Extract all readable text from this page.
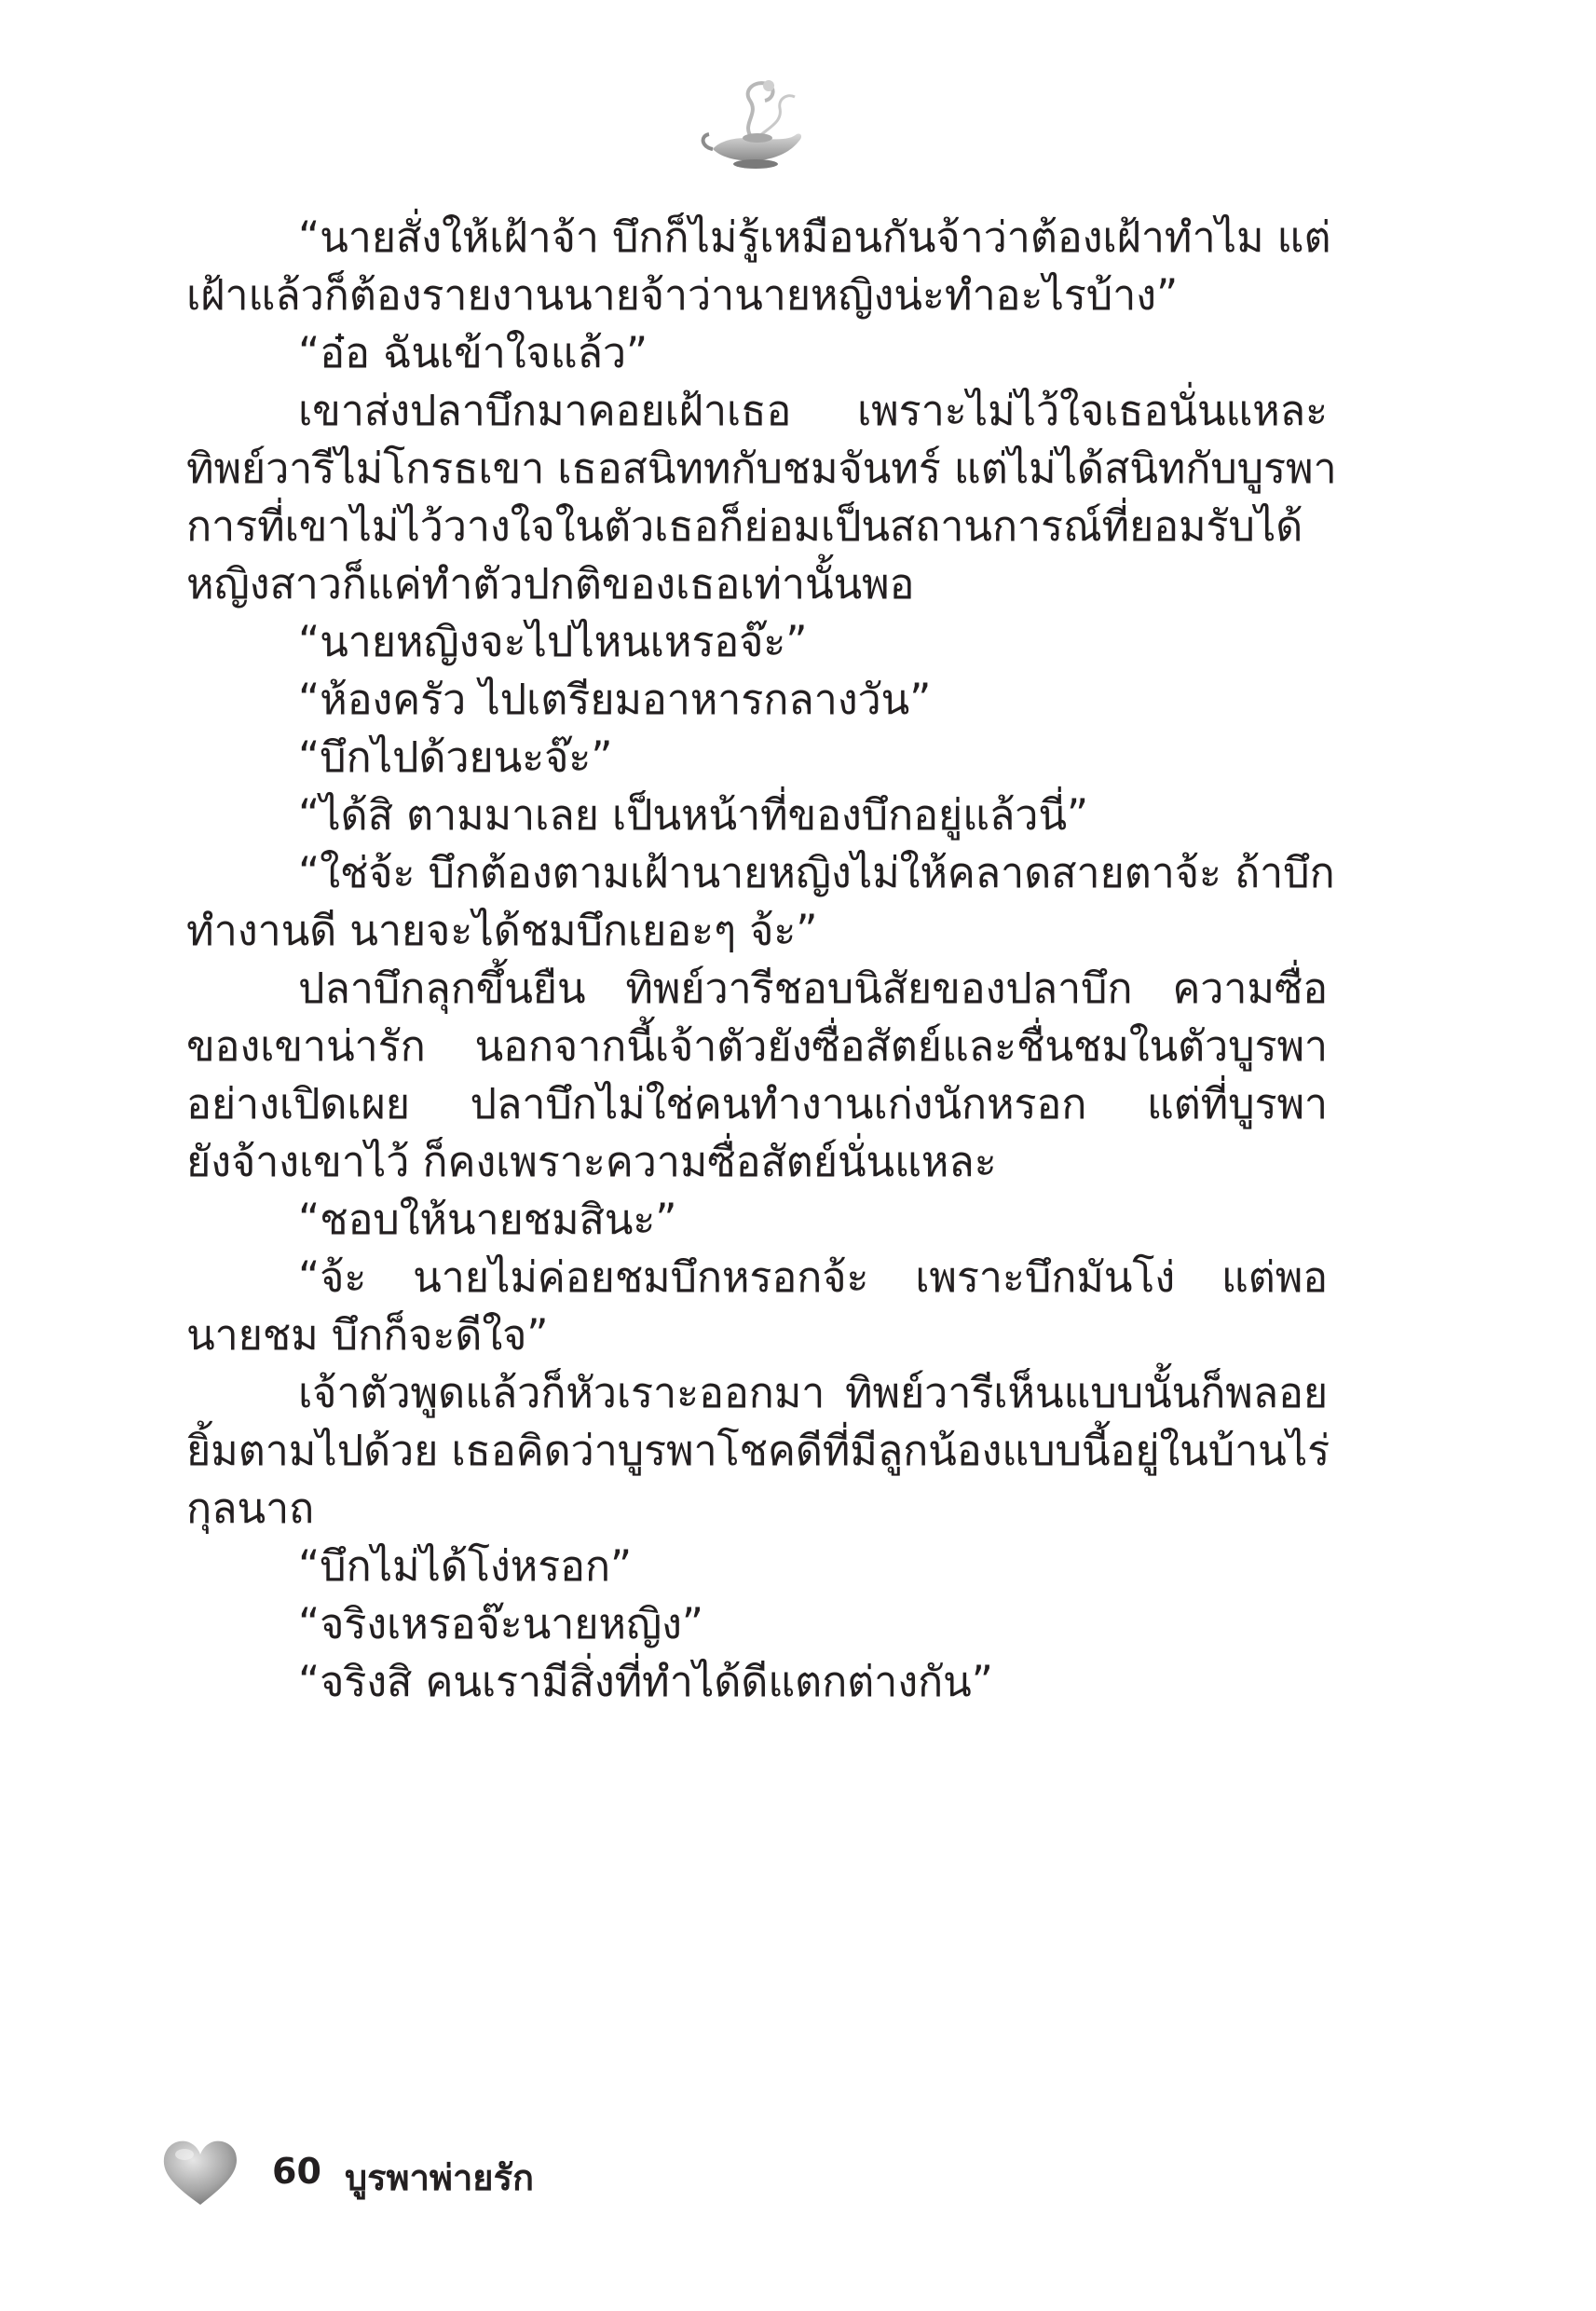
“นายสั่งให้เฝ้าจ้า บึกก็ไม่รู้เหมือนกันจ้าว่าต้องเฝ้าทำไม แต่
เฝ้าแล้วก็ต้องรายงานนายจ้าว่านายหญิงน่ะทำอะไรบ้าง”
“อ๋อ ฉันเข้าใจแล้ว”
เขาส่งปลาบึกมาคอยเฝ้าเธอ เพราะไม่ไว้ใจเธอนั่นแหละ
ทิพย์วารีไม่โกรธเขา เธอสนิททกับชมจันทร์ แต่ไม่ได้สนิทกับบูรพา
การที่เขาไม่ไว้วางใจในตัวเธอก็ย่อมเป็นสถานการณ์ที่ยอมรับได้
หญิงสาวก็แค่ทำตัวปกติของเธอเท่านั้นพอ
“นายหญิงจะไปไหนเหรอจ๊ะ”
“ห้องครัว ไปเตรียมอาหารกลางวัน”
“บึกไปด้วยนะจ๊ะ”
“ได้สิ ตามมาเลย เป็นหน้าที่ของบึกอยู่แล้วนี่”
“ใช่จ้ะ บึกต้องตามเฝ้านายหญิงไม่ให้คลาดสายตาจ้ะ ถ้าบึก
ทำงานดี นายจะได้ชมบึกเยอะๆ จ้ะ”
ปลาบึกลุกขึ้นยืน ทิพย์วารีชอบนิสัยของปลาบึก ความซื่อ
ของเขาน่ารัก นอกจากนี้เจ้าตัวยังซื่อสัตย์และชื่นชมในตัวบูรพา
อย่างเปิดเผย ปลาบึกไม่ใช่คนทำงานเก่งนักหรอก แต่ที่บูรพา
ยังจ้างเขาไว้ ก็คงเพราะความซื่อสัตย์นั่นแหละ
“ชอบให้นายชมสินะ”
“จ้ะ นายไม่ค่อยชมบึกหรอกจ้ะ เพราะบึกมันโง่ แต่พอ
นายชม บึกก็จะดีใจ”
เจ้าตัวพูดแล้วก็หัวเราะออกมา ทิพย์วารีเห็นแบบนั้นก็พลอย
ยิ้มตามไปด้วย เธอคิดว่าบูรพาโชคดีที่มีลูกน้องแบบนี้อยู่ในบ้านไร่
กุลนาถ
“บึกไม่ได้โง่หรอก”
“จริงเหรอจ๊ะนายหญิง”
“จริงสิ คนเรามีสิ่งที่ทำได้ดีแตกต่างกัน”
60 บูรพาพ่ายรัก
